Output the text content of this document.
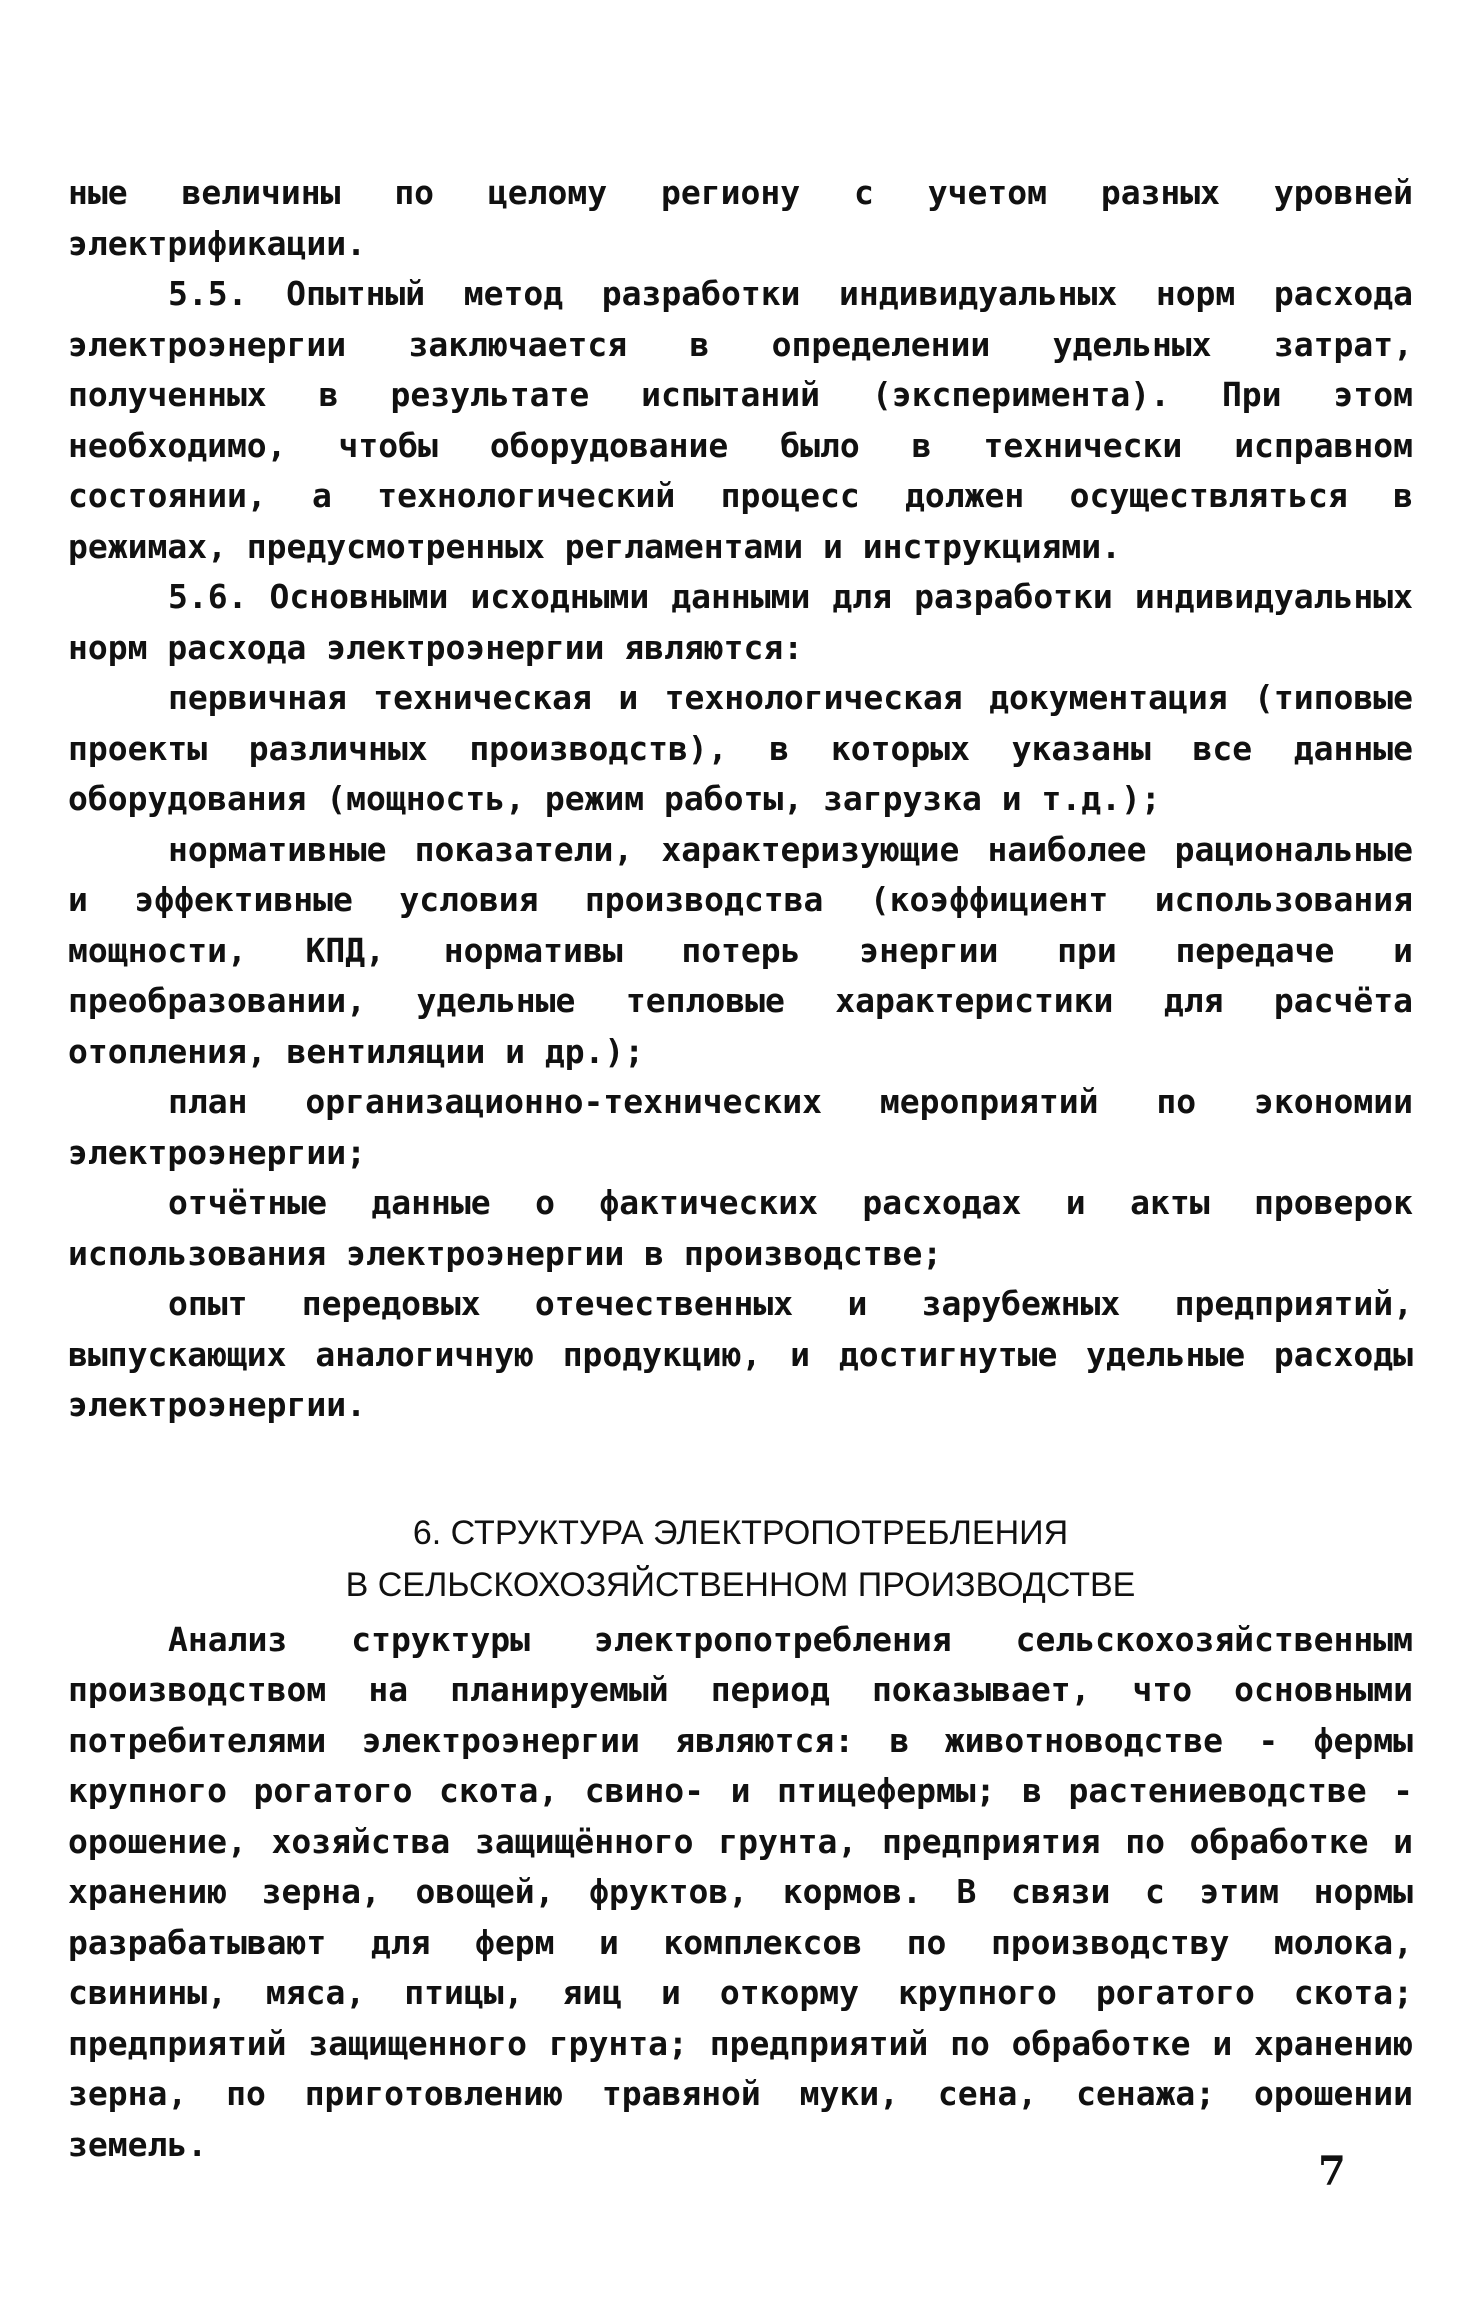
ные величины по целому региону с учетом разных уровней электрификации.

5.5. Опытный метод разработки индивидуальных норм расхода электроэнергии заключается в определении удельных затрат, полученных в результате испытаний (эксперимента). При этом необходимо, чтобы оборудование было в технически исправном состоянии, а технологический процесс должен осуществляться в режимах, предусмотренных регламентами и инструкциями.

5.6. Основными исходными данными для разработки индивидуальных норм расхода электроэнергии являются:

первичная техническая и технологическая документация (типовые проекты различных производств), в которых указаны все данные оборудования (мощность, режим работы, загрузка и т.д.);

нормативные показатели, характеризующие наиболее рациональные и эффективные условия производства (коэффициент использования мощности, КПД, нормативы потерь энергии при передаче и преобразовании, удельные тепловые характеристики для расчёта отопления, вентиляции и др.);

план организационно-технических мероприятий по экономии электроэнергии;

отчётные данные о фактических расходах и акты проверок использования электроэнергии в производстве;

опыт передовых отечественных и зарубежных предприятий, выпускающих аналогичную продукцию, и достигнутые удельные расходы электроэнергии.

6. СТРУКТУРА ЭЛЕКТРОПОТРЕБЛЕНИЯ
В СЕЛЬСКОХОЗЯЙСТВЕННОМ ПРОИЗВОДСТВЕ

Анализ структуры электропотребления сельскохозяйственным производством на планируемый период показывает, что основными потребителями электроэнергии являются: в животноводстве - фермы крупного рогатого скота, свино- и птицефермы; в растениеводстве - орошение, хозяйства защищённого грунта, предприятия по обработке и хранению зерна, овощей, фруктов, кормов. В связи с этим нормы разрабатывают для ферм и комплексов по производству молока, свинины, мяса, птицы, яиц и откорму крупного рогатого скота; предприятий защищенного грунта; предприятий по обработке и хранению зерна, по приготовлению травяной муки, сена, сенажа; орошении земель.

7
